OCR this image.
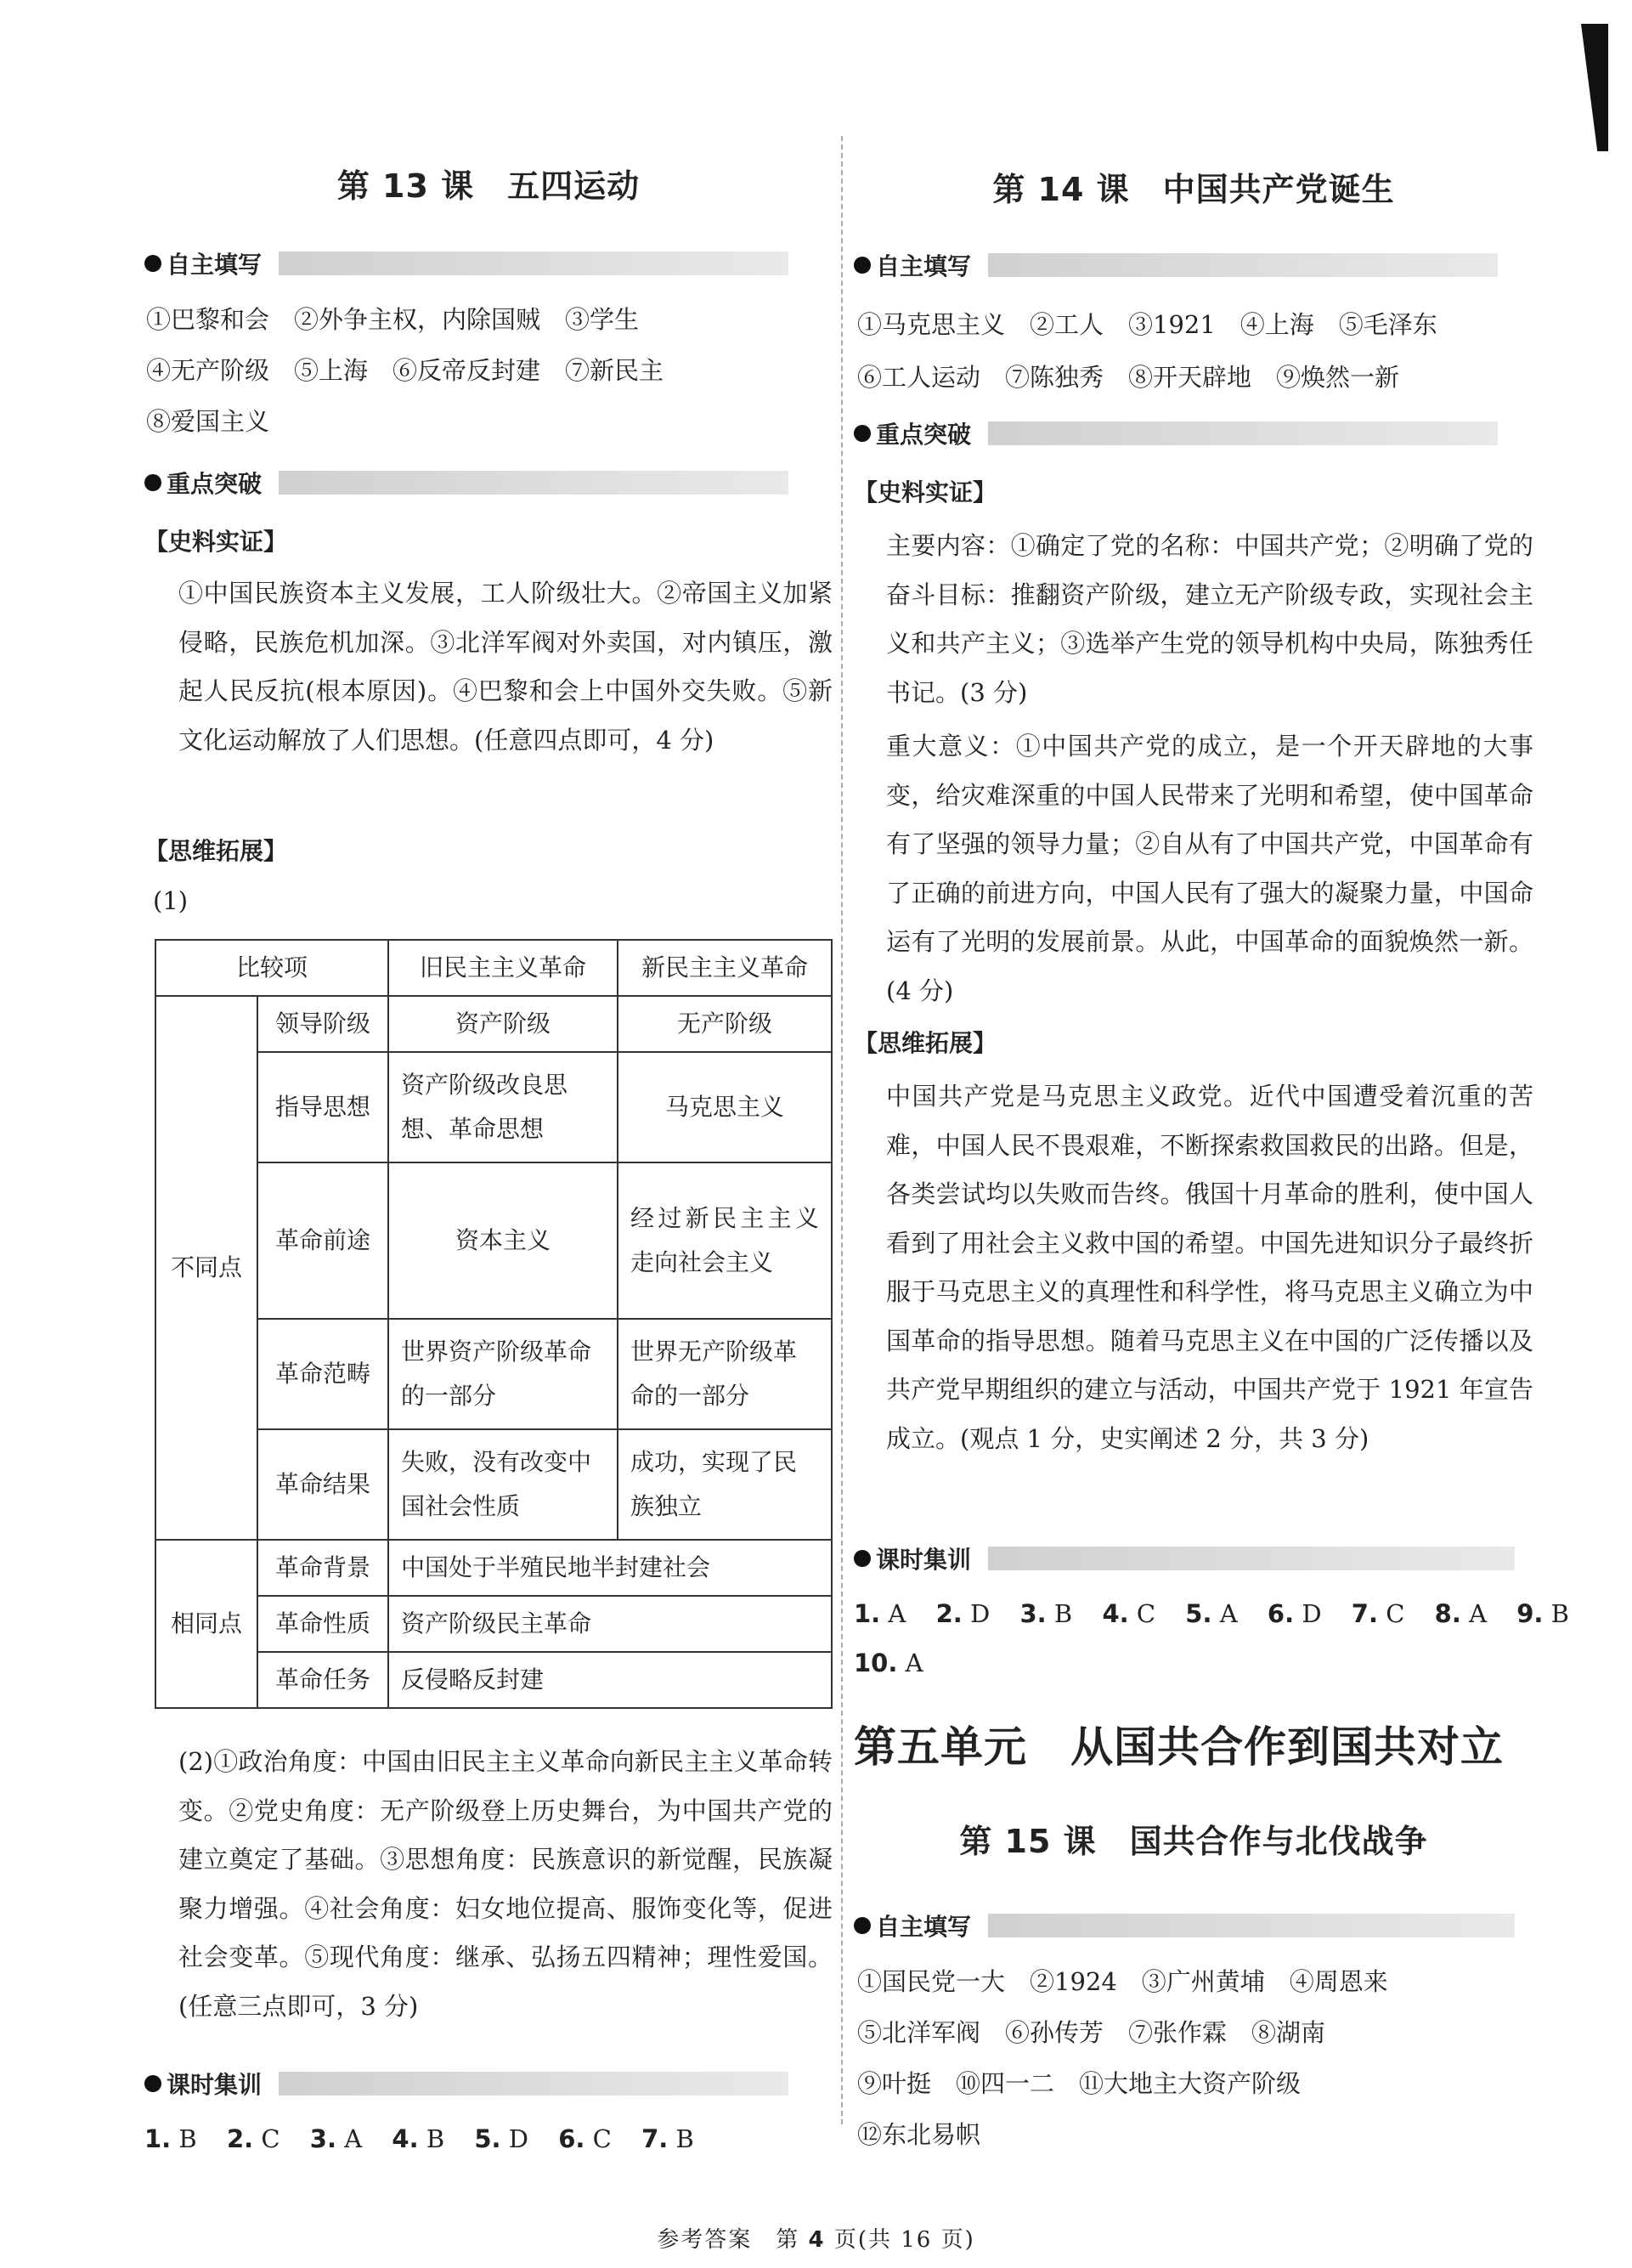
第 13 课　五四运动
自主填写
①巴黎和会　②外争主权，内除国贼　③学生
④无产阶级　⑤上海　⑥反帝反封建　⑦新民主
⑧爱国主义
重点突破
【史料实证】
①中国民族资本主义发展，工人阶级壮大。②帝国主义加紧侵略，民族危机加深。③北洋军阀对外卖国，对内镇压，激起人民反抗(根本原因)。④巴黎和会上中国外交失败。⑤新文化运动解放了人们思想。(任意四点即可，4 分)
【思维拓展】
(1)
比较项		旧民主主义革命	新民主主义革命
不同点	领导阶级	资产阶级	无产阶级
	指导思想	资产阶级改良思想、革命思想	马克思主义
	革命前途	资本主义	经过新民主主义走向社会主义
	革命范畴	世界资产阶级革命的一部分	世界无产阶级革命的一部分
	革命结果	失败，没有改变中国社会性质	成功，实现了民族独立
相同点	革命背景	中国处于半殖民地半封建社会	
	革命性质	资产阶级民主革命	
	革命任务	反侵略反封建	
(2)①政治角度：中国由旧民主主义革命向新民主主义革命转变。②党史角度：无产阶级登上历史舞台，为中国共产党的建立奠定了基础。③思想角度：民族意识的新觉醒，民族凝聚力增强。④社会角度：妇女地位提高、服饰变化等，促进社会变革。⑤现代角度：继承、弘扬五四精神；理性爱国。(任意三点即可，3 分)
课时集训
1. B 2. C 3. A 4. B 5. D 6. C 7. B
第 14 课　中国共产党诞生
自主填写
①马克思主义　②工人　③1921　④上海　⑤毛泽东
⑥工人运动　⑦陈独秀　⑧开天辟地　⑨焕然一新
重点突破
【史料实证】
主要内容：①确定了党的名称：中国共产党；②明确了党的奋斗目标：推翻资产阶级，建立无产阶级专政，实现社会主义和共产主义；③选举产生党的领导机构中央局，陈独秀任书记。(3 分)
重大意义：①中国共产党的成立，是一个开天辟地的大事变，给灾难深重的中国人民带来了光明和希望，使中国革命有了坚强的领导力量；②自从有了中国共产党，中国革命有了正确的前进方向，中国人民有了强大的凝聚力量，中国命运有了光明的发展前景。从此，中国革命的面貌焕然一新。(4 分)
【思维拓展】
中国共产党是马克思主义政党。近代中国遭受着沉重的苦难，中国人民不畏艰难，不断探索救国救民的出路。但是，各类尝试均以失败而告终。俄国十月革命的胜利，使中国人看到了用社会主义救中国的希望。中国先进知识分子最终折服于马克思主义的真理性和科学性，将马克思主义确立为中国革命的指导思想。随着马克思主义在中国的广泛传播以及共产党早期组织的建立与活动，中国共产党于 1921 年宣告成立。(观点 1 分，史实阐述 2 分，共 3 分)
课时集训
1. A 2. D 3. B 4. C 5. A 6. D 7. C 8. A 9. B
10. A
第五单元　从国共合作到国共对立
第 15 课　国共合作与北伐战争
自主填写
①国民党一大　②1924　③广州黄埔　④周恩来
⑤北洋军阀　⑥孙传芳　⑦张作霖　⑧湖南
⑨叶挺　⑩四一二　⑪大地主大资产阶级
⑫东北易帜
参考答案　第 4 页(共 16 页)
